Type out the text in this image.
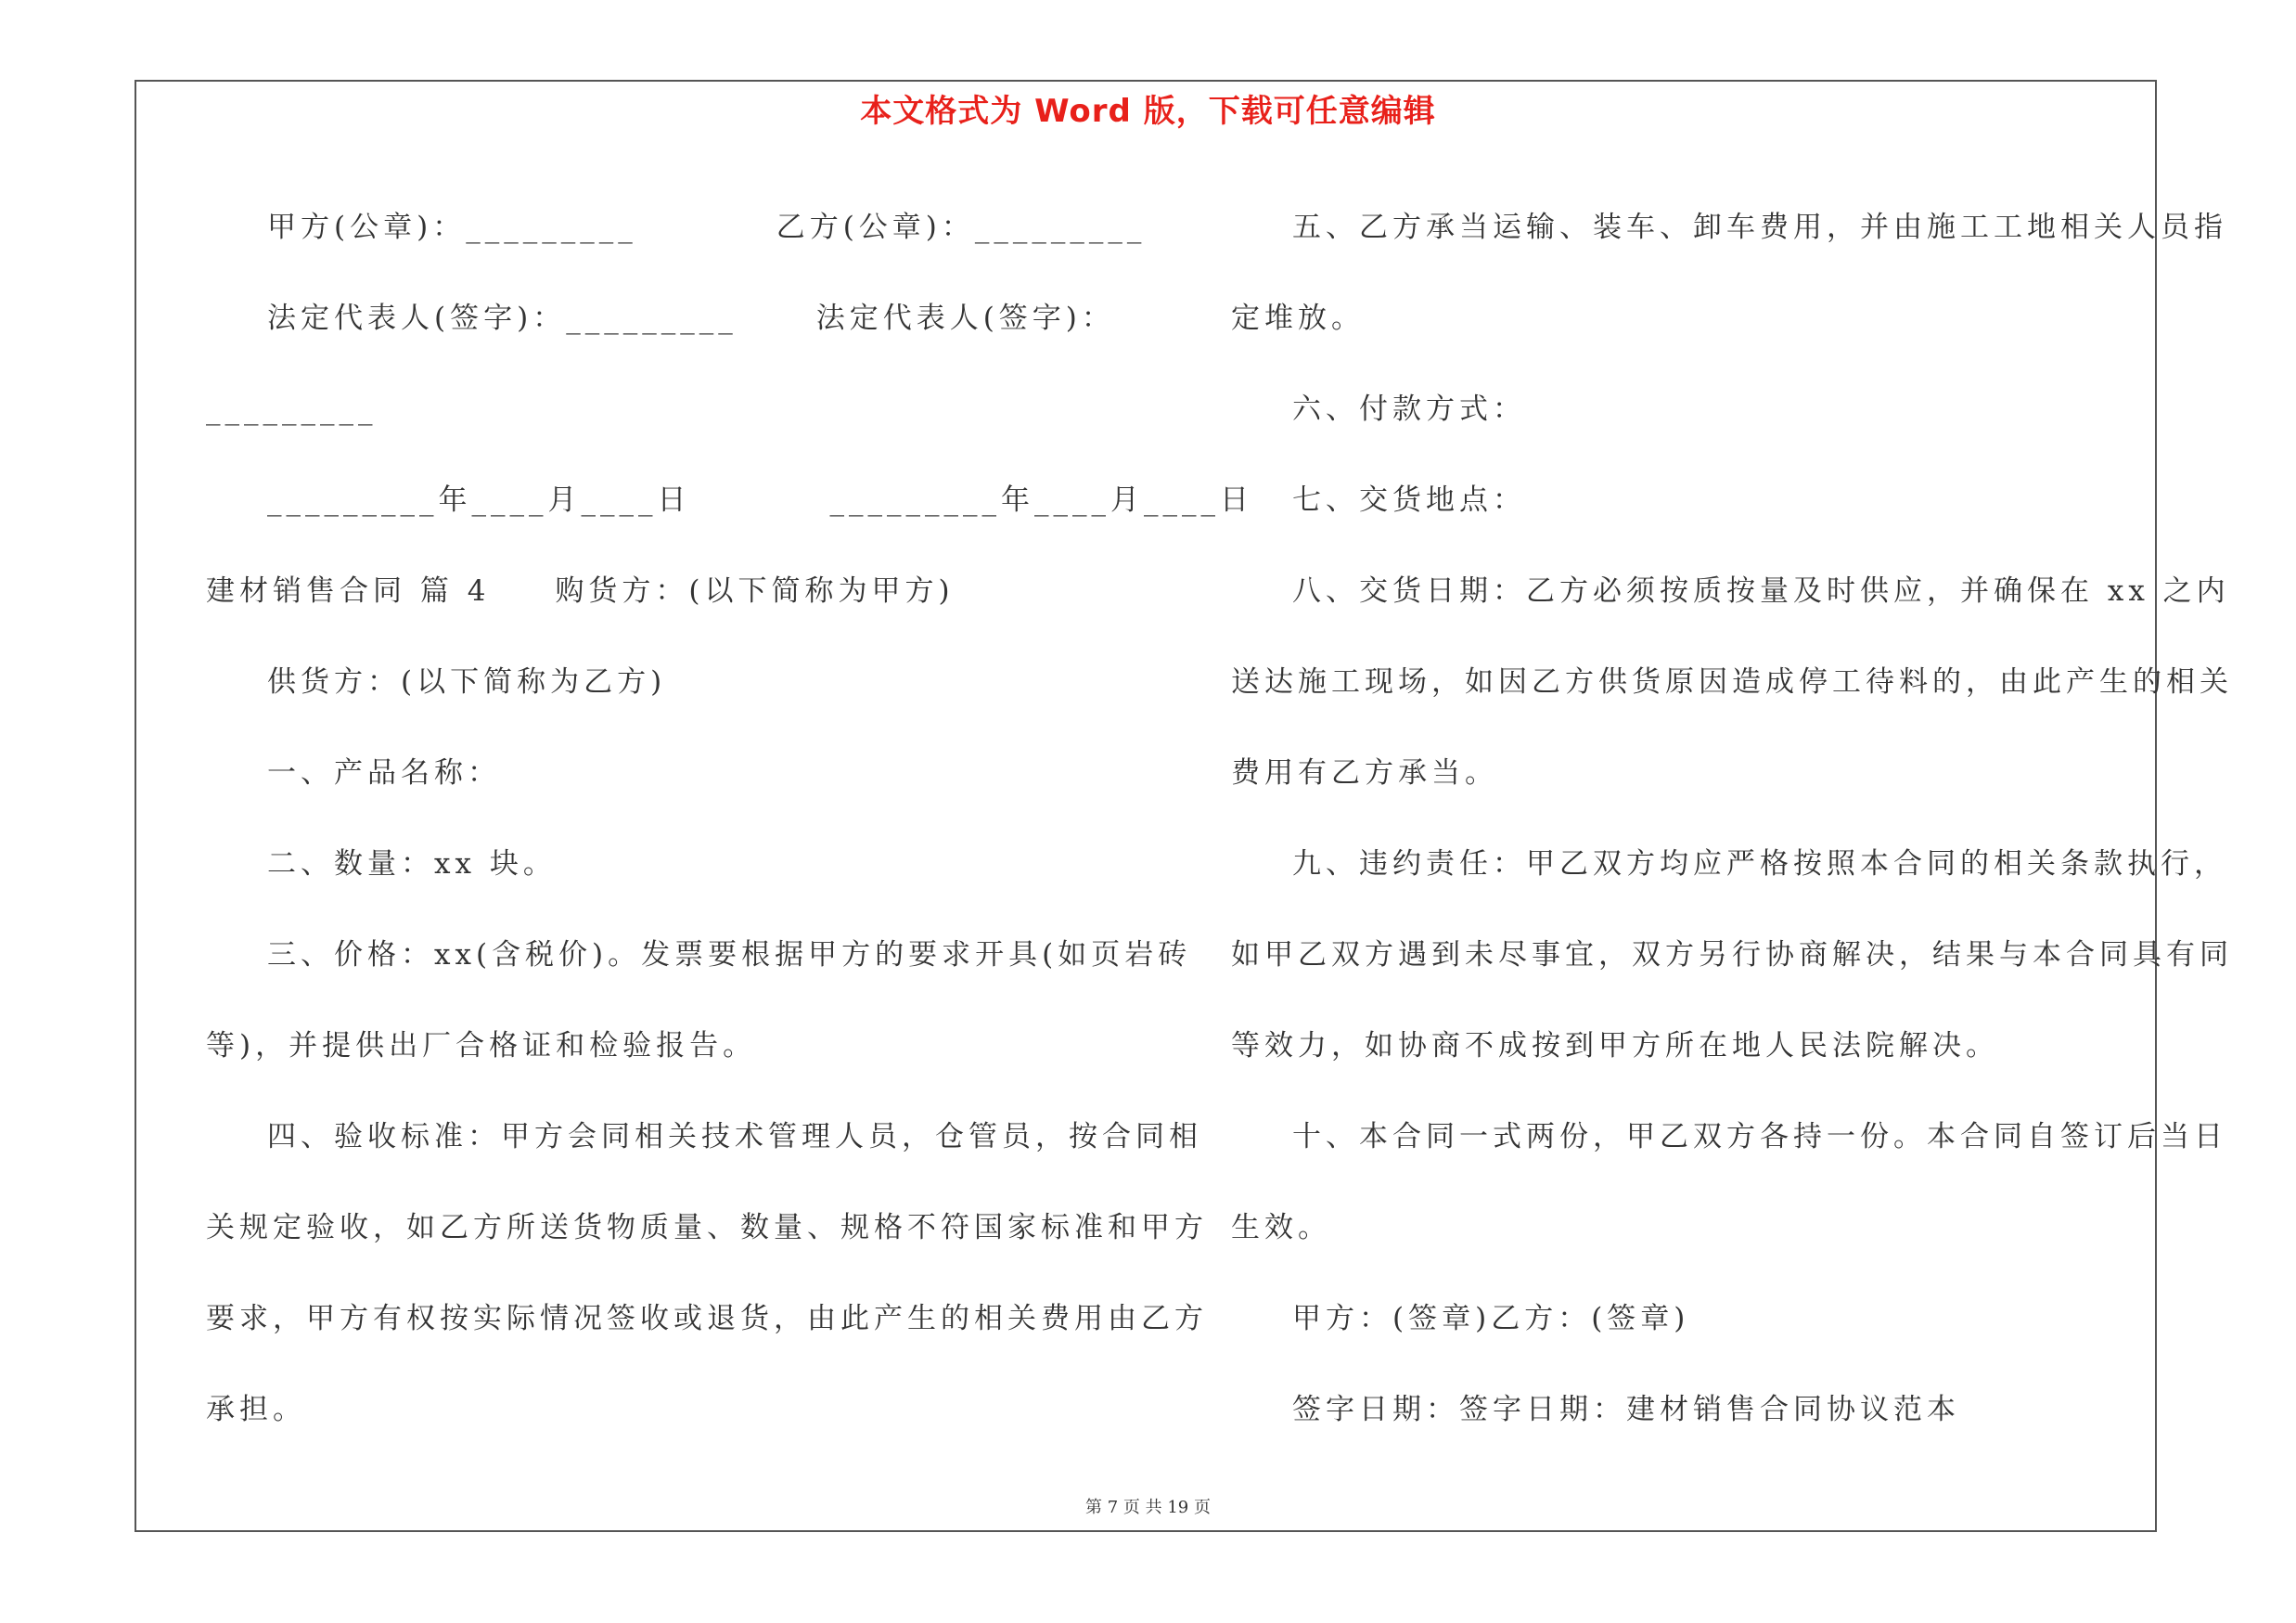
本文格式为 Word 版，下载可任意编辑

甲方(公章)：_________	乙方(公章)：_________

法定代表人(签字)：_________	法定代表人(签字)：

_________

_________年____月____日	_________年____月____日

建材销售合同 篇 4 购货方：(以下简称为甲方)

供货方：(以下简称为乙方)

一、产品名称：

二、数量：xx 块。

三、价格：xx(含税价)。发票要根据甲方的要求开具(如页岩砖

等)，并提供出厂合格证和检验报告。

四、验收标准：甲方会同相关技术管理人员，仓管员，按合同相

关规定验收，如乙方所送货物质量、数量、规格不符国家标准和甲方

要求，甲方有权按实际情况签收或退货，由此产生的相关费用由乙方

承担。

五、乙方承当运输、装车、卸车费用，并由施工工地相关人员指

定堆放。

六、付款方式：

七、交货地点：

八、交货日期：乙方必须按质按量及时供应，并确保在 xx 之内

送达施工现场，如因乙方供货原因造成停工待料的，由此产生的相关

费用有乙方承当。

九、违约责任：甲乙双方均应严格按照本合同的相关条款执行，

如甲乙双方遇到未尽事宜，双方另行协商解决，结果与本合同具有同

等效力，如协商不成按到甲方所在地人民法院解决。

十、本合同一式两份，甲乙双方各持一份。本合同自签订后当日

生效。

甲方：(签章)乙方：(签章)

签字日期：签字日期：建材销售合同协议范本

第 7 页 共 19 页
